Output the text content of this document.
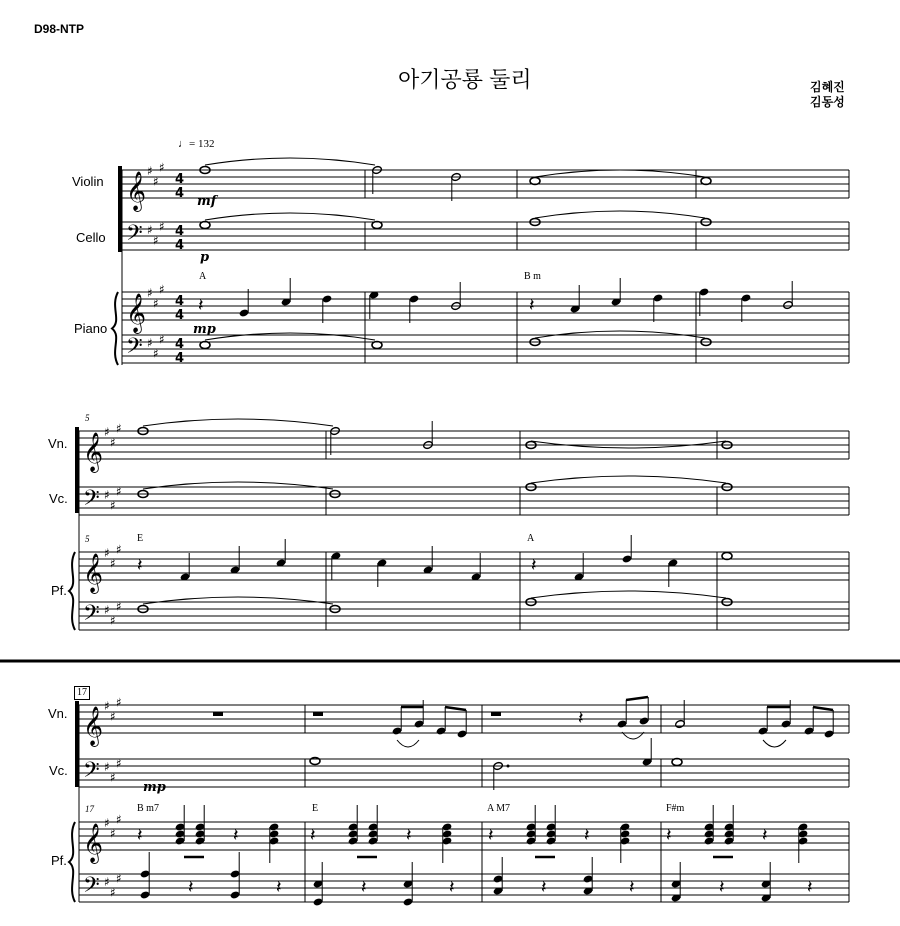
D98-NTP
아기공룡 둘리	김혜진
김동성
♩= 132
Violin
Cello
Piano
mf
p
mp
A	B m
Vn.
Vc.
Pf.
5
5	E	A
17
Vn.
Vc.
Pf.
mp
17	B m7	E	A M7	F#m
𝄞 ♯
♯
♯
4
4
𝄢 ♯
♯
♯ 4
4
𝄞 ♯
♯
♯
4
4
𝄢 ♯
♯
♯ 4
4
𝄽	𝄽
𝄞 ♯
♯
♯
𝄢 ♯
♯
♯
𝄞 ♯
♯
♯
𝄢 ♯
♯
♯
𝄽	𝄽
𝄞 ♯
♯
♯
𝄢 ♯
♯
♯
𝄞 ♯
♯
♯
𝄢 ♯
♯
♯
𝄽
𝄽	𝄽	𝄽	𝄽	𝄽	𝄽	𝄽	𝄽
𝄽	𝄽	𝄽	𝄽	𝄽	𝄽	𝄽	𝄽
